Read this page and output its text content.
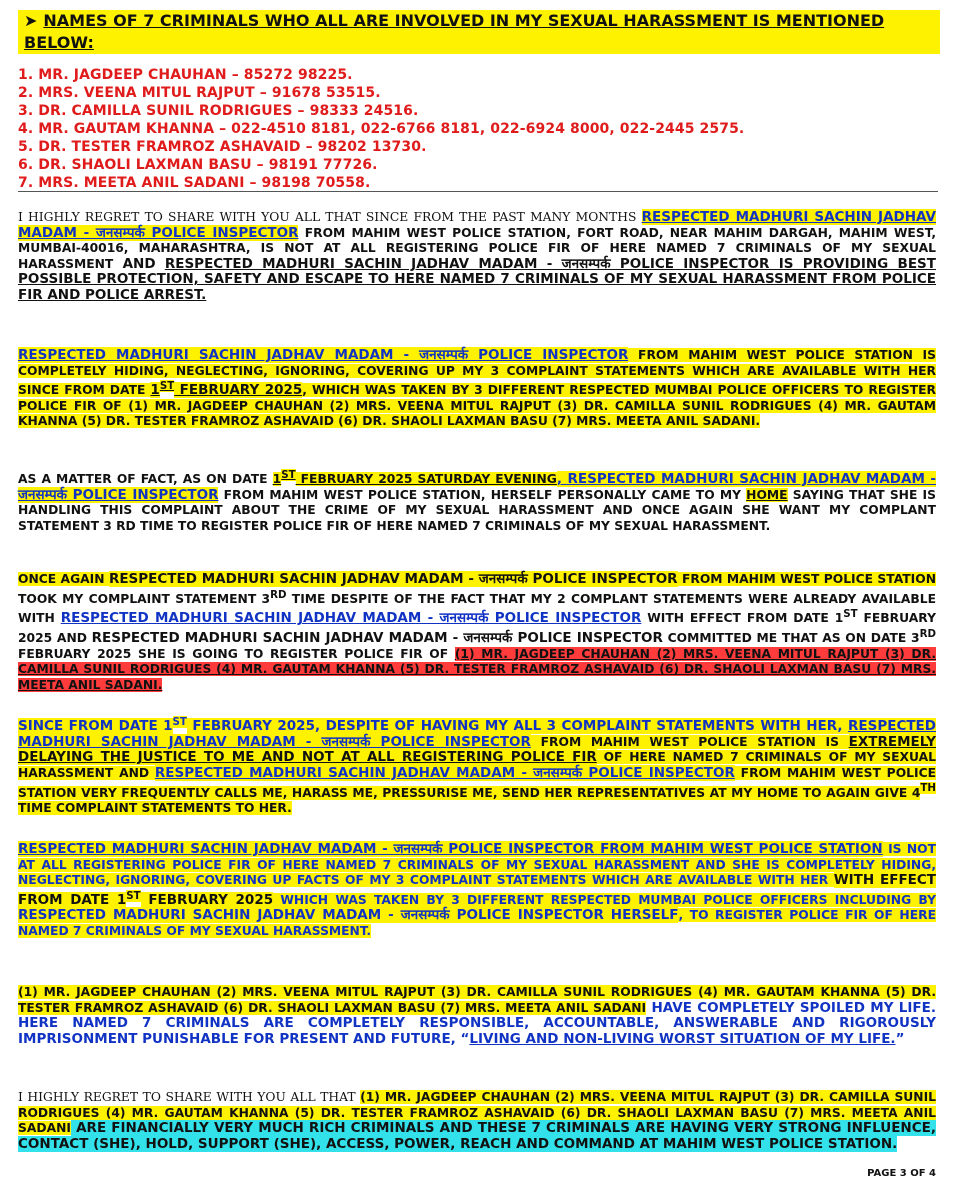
➤ NAMES OF 7 CRIMINALS WHO ALL ARE INVOLVED IN MY SEXUAL HARASSMENT IS MENTIONED BELOW:
1. MR. JAGDEEP CHAUHAN – 85272 98225.
2. MRS. VEENA MITUL RAJPUT – 91678 53515.
3. DR. CAMILLA SUNIL RODRIGUES – 98333 24516.
4. MR. GAUTAM KHANNA – 022-4510 8181, 022-6766 8181, 022-6924 8000, 022-2445 2575.
5. DR. TESTER FRAMROZ ASHAVAID – 98202 13730.
6. DR. SHAOLI LAXMAN BASU – 98191 77726.
7. MRS. MEETA ANIL SADANI – 98198 70558.
I HIGHLY REGRET TO SHARE WITH YOU ALL THAT SINCE FROM THE PAST MANY MONTHS RESPECTED MADHURI SACHIN JADHAV MADAM - जनसम्पर्क POLICE INSPECTOR FROM MAHIM WEST POLICE STATION, FORT ROAD, NEAR MAHIM DARGAH, MAHIM WEST, MUMBAI-40016, MAHARASHTRA, IS NOT AT ALL REGISTERING POLICE FIR OF HERE NAMED 7 CRIMINALS OF MY SEXUAL HARASSMENT AND RESPECTED MADHURI SACHIN JADHAV MADAM - जनसम्पर्क POLICE INSPECTOR IS PROVIDING BEST POSSIBLE PROTECTION, SAFETY AND ESCAPE TO HERE NAMED 7 CRIMINALS OF MY SEXUAL HARASSMENT FROM POLICE FIR AND POLICE ARREST.
RESPECTED MADHURI SACHIN JADHAV MADAM - जनसम्पर्क POLICE INSPECTOR FROM MAHIM WEST POLICE STATION IS COMPLETELY HIDING, NEGLECTING, IGNORING, COVERING UP MY 3 COMPLAINT STATEMENTS WHICH ARE AVAILABLE WITH HER SINCE FROM DATE 1ST FEBRUARY 2025, WHICH WAS TAKEN BY 3 DIFFERENT RESPECTED MUMBAI POLICE OFFICERS TO REGISTER POLICE FIR OF (1) MR. JAGDEEP CHAUHAN (2) MRS. VEENA MITUL RAJPUT (3) DR. CAMILLA SUNIL RODRIGUES (4) MR. GAUTAM KHANNA (5) DR. TESTER FRAMROZ ASHAVAID (6) DR. SHAOLI LAXMAN BASU (7) MRS. MEETA ANIL SADANI.
AS A MATTER OF FACT, AS ON DATE 1ST FEBRUARY 2025 SATURDAY EVENING, RESPECTED MADHURI SACHIN JADHAV MADAM - जनसम्पर्क POLICE INSPECTOR FROM MAHIM WEST POLICE STATION, HERSELF PERSONALLY CAME TO MY HOME SAYING THAT SHE IS HANDLING THIS COMPLAINT ABOUT THE CRIME OF MY SEXUAL HARASSMENT AND ONCE AGAIN SHE WANT MY COMPLANT STATEMENT 3 RD TIME TO REGISTER POLICE FIR OF HERE NAMED 7 CRIMINALS OF MY SEXUAL HARASSMENT.
ONCE AGAIN RESPECTED MADHURI SACHIN JADHAV MADAM - जनसम्पर्क POLICE INSPECTOR FROM MAHIM WEST POLICE STATION TOOK MY COMPLAINT STATEMENT 3RD TIME DESPITE OF THE FACT THAT MY 2 COMPLANT STATEMENTS WERE ALREADY AVAILABLE WITH RESPECTED MADHURI SACHIN JADHAV MADAM - जनसम्पर्क POLICE INSPECTOR WITH EFFECT FROM DATE 1ST FEBRUARY 2025 AND RESPECTED MADHURI SACHIN JADHAV MADAM - जनसम्पर्क POLICE INSPECTOR COMMITTED ME THAT AS ON DATE 3RD FEBRUARY 2025 SHE IS GOING TO REGISTER POLICE FIR OF (1) MR. JAGDEEP CHAUHAN (2) MRS. VEENA MITUL RAJPUT (3) DR. CAMILLA SUNIL RODRIGUES (4) MR. GAUTAM KHANNA (5) DR. TESTER FRAMROZ ASHAVAID (6) DR. SHAOLI LAXMAN BASU (7) MRS. MEETA ANIL SADANI.
SINCE FROM DATE 1ST FEBRUARY 2025, DESPITE OF HAVING MY ALL 3 COMPLAINT STATEMENTS WITH HER, RESPECTED MADHURI SACHIN JADHAV MADAM - जनसम्पर्क POLICE INSPECTOR FROM MAHIM WEST POLICE STATION IS EXTREMELY DELAYING THE JUSTICE TO ME AND NOT AT ALL REGISTERING POLICE FIR OF HERE NAMED 7 CRIMINALS OF MY SEXUAL HARASSMENT AND RESPECTED MADHURI SACHIN JADHAV MADAM - जनसम्पर्क POLICE INSPECTOR FROM MAHIM WEST POLICE STATION VERY FREQUENTLY CALLS ME, HARASS ME, PRESSURISE ME, SEND HER REPRESENTATIVES AT MY HOME TO AGAIN GIVE 4TH TIME COMPLAINT STATEMENTS TO HER.
RESPECTED MADHURI SACHIN JADHAV MADAM - जनसम्पर्क POLICE INSPECTOR FROM MAHIM WEST POLICE STATION IS NOT AT ALL REGISTERING POLICE FIR OF HERE NAMED 7 CRIMINALS OF MY SEXUAL HARASSMENT AND SHE IS COMPLETELY HIDING, NEGLECTING, IGNORING, COVERING UP FACTS OF MY 3 COMPLAINT STATEMENTS WHICH ARE AVAILABLE WITH HER WITH EFFECT FROM DATE 1ST FEBRUARY 2025 WHICH WAS TAKEN BY 3 DIFFERENT RESPECTED MUMBAI POLICE OFFICERS INCLUDING BY RESPECTED MADHURI SACHIN JADHAV MADAM - जनसम्पर्क POLICE INSPECTOR HERSELF, TO REGISTER POLICE FIR OF HERE NAMED 7 CRIMINALS OF MY SEXUAL HARASSMENT.
(1) MR. JAGDEEP CHAUHAN (2) MRS. VEENA MITUL RAJPUT (3) DR. CAMILLA SUNIL RODRIGUES (4) MR. GAUTAM KHANNA (5) DR. TESTER FRAMROZ ASHAVAID (6) DR. SHAOLI LAXMAN BASU (7) MRS. MEETA ANIL SADANI HAVE COMPLETELY SPOILED MY LIFE. HERE NAMED 7 CRIMINALS ARE COMPLETELY RESPONSIBLE, ACCOUNTABLE, ANSWERABLE AND RIGOROUSLY IMPRISONMENT PUNISHABLE FOR PRESENT AND FUTURE, “LIVING AND NON-LIVING WORST SITUATION OF MY LIFE.”
I HIGHLY REGRET TO SHARE WITH YOU ALL THAT (1) MR. JAGDEEP CHAUHAN (2) MRS. VEENA MITUL RAJPUT (3) DR. CAMILLA SUNIL RODRIGUES (4) MR. GAUTAM KHANNA (5) DR. TESTER FRAMROZ ASHAVAID (6) DR. SHAOLI LAXMAN BASU (7) MRS. MEETA ANIL SADANI ARE FINANCIALLY VERY MUCH RICH CRIMINALS AND THESE 7 CRIMINALS ARE HAVING VERY STRONG INFLUENCE, CONTACT (SHE), HOLD, SUPPORT (SHE), ACCESS, POWER, REACH AND COMMAND AT MAHIM WEST POLICE STATION.
PAGE 3 OF 4
